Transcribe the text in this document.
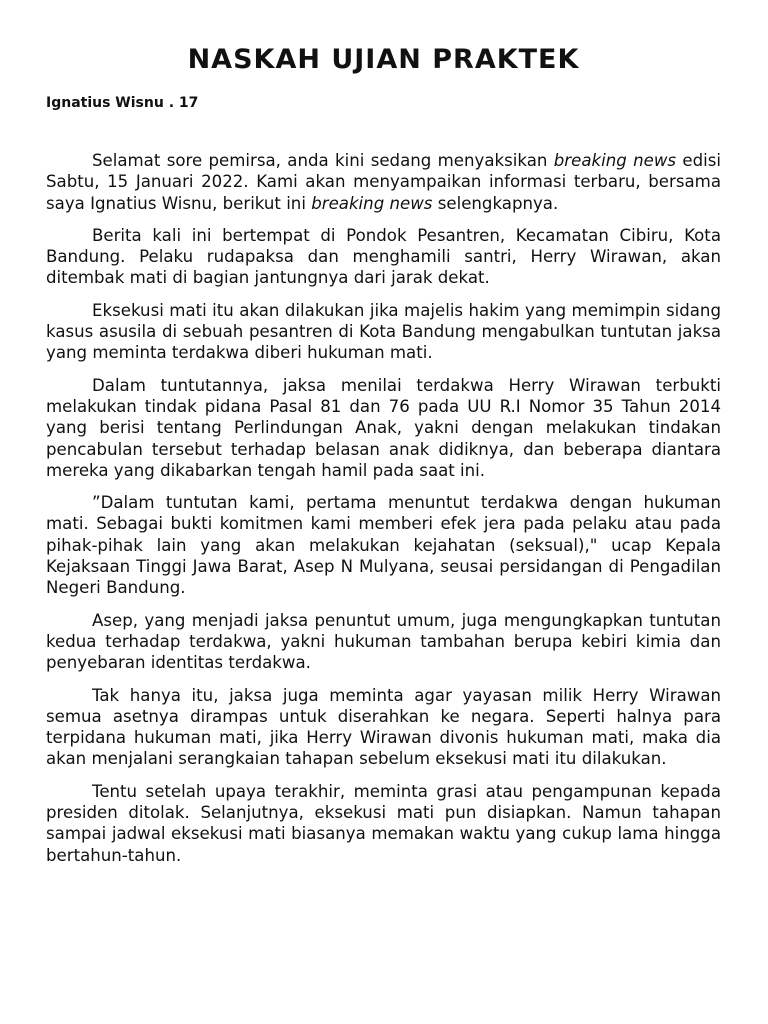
NASKAH UJIAN PRAKTEK
Ignatius Wisnu . 17

Selamat sore pemirsa, anda kini sedang menyaksikan breaking news edisi Sabtu, 15 Januari 2022. Kami akan menyampaikan informasi terbaru, bersama saya Ignatius Wisnu, berikut ini breaking news selengkapnya.

Berita kali ini bertempat di Pondok Pesantren, Kecamatan Cibiru, Kota Bandung. Pelaku rudapaksa dan menghamili santri, Herry Wirawan, akan ditembak mati di bagian jantungnya dari jarak dekat.

Eksekusi mati itu akan dilakukan jika majelis hakim yang memimpin sidang kasus asusila di sebuah pesantren di Kota Bandung mengabulkan tuntutan jaksa yang meminta terdakwa diberi hukuman mati.

Dalam tuntutannya, jaksa menilai terdakwa Herry Wirawan terbukti melakukan tindak pidana Pasal 81 dan 76 pada UU R.I Nomor 35 Tahun 2014 yang berisi tentang Perlindungan Anak, yakni dengan melakukan tindakan pencabulan tersebut terhadap belasan anak didiknya, dan beberapa diantara mereka yang dikabarkan tengah hamil pada saat ini.

”Dalam tuntutan kami, pertama menuntut terdakwa dengan hukuman mati. Sebagai bukti komitmen kami memberi efek jera pada pelaku atau pada pihak-pihak lain yang akan melakukan kejahatan (seksual)," ucap Kepala Kejaksaan Tinggi Jawa Barat, Asep N Mulyana, seusai persidangan di Pengadilan Negeri Bandung.

Asep, yang menjadi jaksa penuntut umum, juga mengungkapkan tuntutan kedua terhadap terdakwa, yakni hukuman tambahan berupa kebiri kimia dan penyebaran identitas terdakwa.

Tak hanya itu, jaksa juga meminta agar yayasan milik Herry Wirawan semua asetnya dirampas untuk diserahkan ke negara. Seperti halnya para terpidana hukuman mati, jika Herry Wirawan divonis hukuman mati, maka dia akan menjalani serangkaian tahapan sebelum eksekusi mati itu dilakukan.

Tentu setelah upaya terakhir, meminta grasi atau pengampunan kepada presiden ditolak. Selanjutnya, eksekusi mati pun disiapkan. Namun tahapan sampai jadwal eksekusi mati biasanya memakan waktu yang cukup lama hingga bertahun-tahun.
